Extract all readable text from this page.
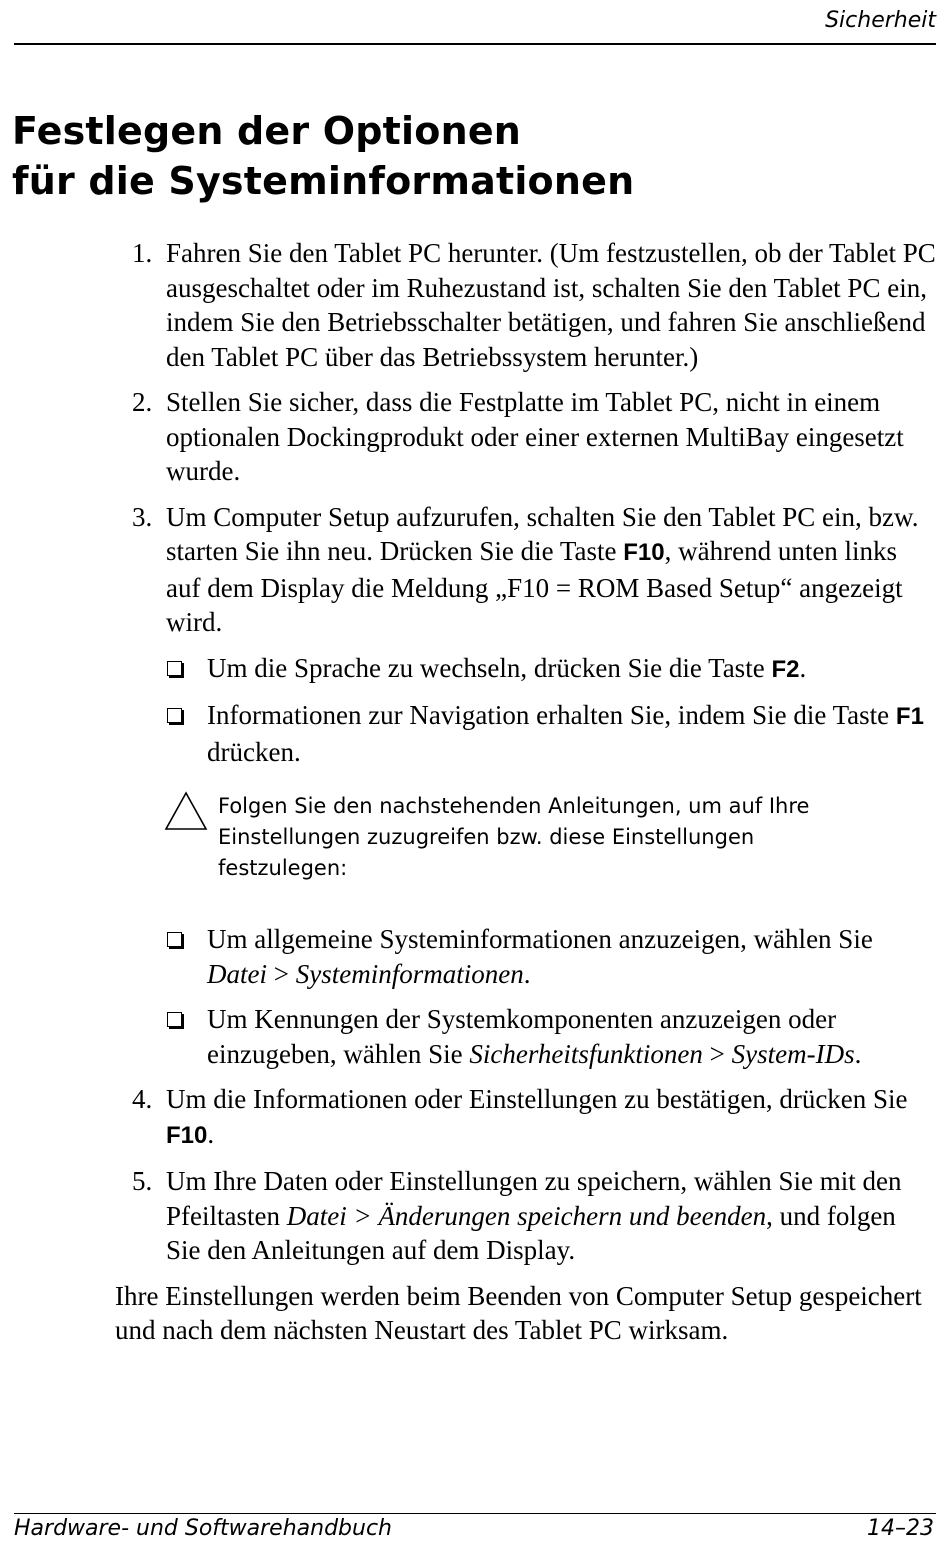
Sicherheit
Festlegen der Optionen
für die Systeminformationen
1. Fahren Sie den Tablet PC herunter. (Um festzustellen, ob der Tablet PC ausgeschaltet oder im Ruhezustand ist, schalten Sie den Tablet PC ein, indem Sie den Betriebsschalter betätigen, und fahren Sie anschließend den Tablet PC über das Betriebssystem herunter.)
2. Stellen Sie sicher, dass die Festplatte im Tablet PC, nicht in einem optionalen Dockingprodukt oder einer externen MultiBay eingesetzt wurde.
3. Um Computer Setup aufzurufen, schalten Sie den Tablet PC ein, bzw. starten Sie ihn neu. Drücken Sie die Taste F10, während unten links auf dem Display die Meldung „F10 = ROM Based Setup“ angezeigt wird.
Um die Sprache zu wechseln, drücken Sie die Taste F2.
Informationen zur Navigation erhalten Sie, indem Sie die Taste F1 drücken.
Folgen Sie den nachstehenden Anleitungen, um auf Ihre Einstellungen zuzugreifen bzw. diese Einstellungen festzulegen:
Um allgemeine Systeminformationen anzuzeigen, wählen Sie Datei > Systeminformationen.
Um Kennungen der Systemkomponenten anzuzeigen oder einzugeben, wählen Sie Sicherheitsfunktionen > System-IDs.
4. Um die Informationen oder Einstellungen zu bestätigen, drücken Sie F10.
5. Um Ihre Daten oder Einstellungen zu speichern, wählen Sie mit den Pfeiltasten Datei > Änderungen speichern und beenden, und folgen Sie den Anleitungen auf dem Display.
Ihre Einstellungen werden beim Beenden von Computer Setup gespeichert und nach dem nächsten Neustart des Tablet PC wirksam.
Hardware- und Softwarehandbuch	14–23
